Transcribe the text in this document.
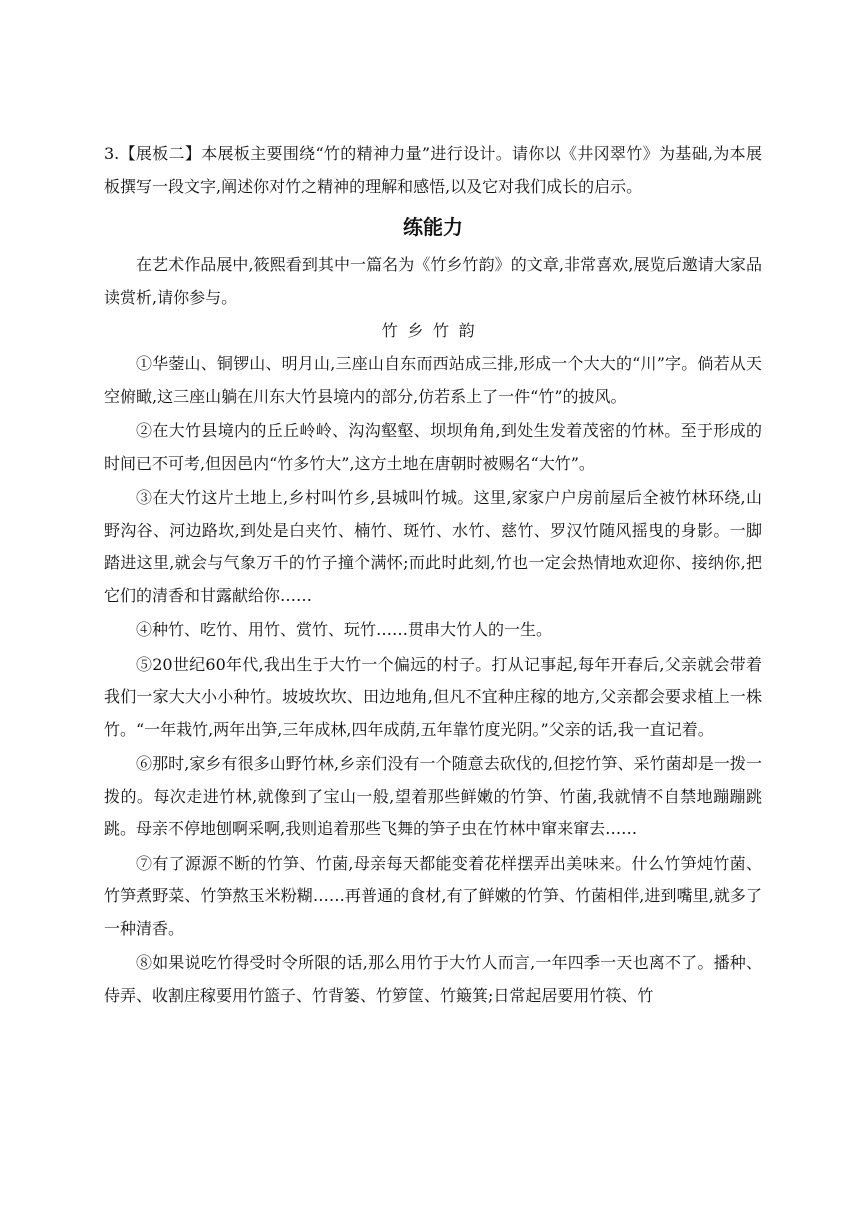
3.【展板二】本展板主要围绕“竹的精神力量”进行设计。请你以《井冈翠竹》为基础,为本展板撰写一段文字,阐述你对竹之精神的理解和感悟,以及它对我们成长的启示。

练能力

在艺术作品展中,筱熙看到其中一篇名为《竹乡竹韵》的文章,非常喜欢,展览后邀请大家品读赏析,请你参与。

竹乡竹韵

①华蓥山、铜锣山、明月山,三座山自东而西站成三排,形成一个大大的“川”字。倘若从天空俯瞰,这三座山躺在川东大竹县境内的部分,仿若系上了一件“竹”的披风。

②在大竹县境内的丘丘岭岭、沟沟壑壑、坝坝角角,到处生发着茂密的竹林。至于形成的时间已不可考,但因邑内“竹多竹大”,这方土地在唐朝时被赐名“大竹”。

③在大竹这片土地上,乡村叫竹乡,县城叫竹城。这里,家家户户房前屋后全被竹林环绕,山野沟谷、河边路坎,到处是白夹竹、楠竹、斑竹、水竹、慈竹、罗汉竹随风摇曳的身影。一脚踏进这里,就会与气象万千的竹子撞个满怀;而此时此刻,竹也一定会热情地欢迎你、接纳你,把它们的清香和甘露献给你……

④种竹、吃竹、用竹、赏竹、玩竹……贯串大竹人的一生。

⑤20世纪60年代,我出生于大竹一个偏远的村子。打从记事起,每年开春后,父亲就会带着我们一家大大小小种竹。坡坡坎坎、田边地角,但凡不宜种庄稼的地方,父亲都会要求植上一株竹。“一年栽竹,两年出笋,三年成林,四年成荫,五年靠竹度光阴。”父亲的话,我一直记着。

⑥那时,家乡有很多山野竹林,乡亲们没有一个随意去砍伐的,但挖竹笋、采竹菌却是一拨一拨的。每次走进竹林,就像到了宝山一般,望着那些鲜嫩的竹笋、竹菌,我就情不自禁地蹦蹦跳跳。母亲不停地刨啊采啊,我则追着那些飞舞的笋子虫在竹林中窜来窜去……

⑦有了源源不断的竹笋、竹菌,母亲每天都能变着花样摆弄出美味来。什么竹笋炖竹菌、竹笋煮野菜、竹笋熬玉米粉糊……再普通的食材,有了鲜嫩的竹笋、竹菌相伴,进到嘴里,就多了一种清香。

⑧如果说吃竹得受时令所限的话,那么用竹于大竹人而言,一年四季一天也离不了。播种、侍弄、收割庄稼要用竹篮子、竹背篓、竹箩筐、竹簸箕;日常起居要用竹筷、竹
